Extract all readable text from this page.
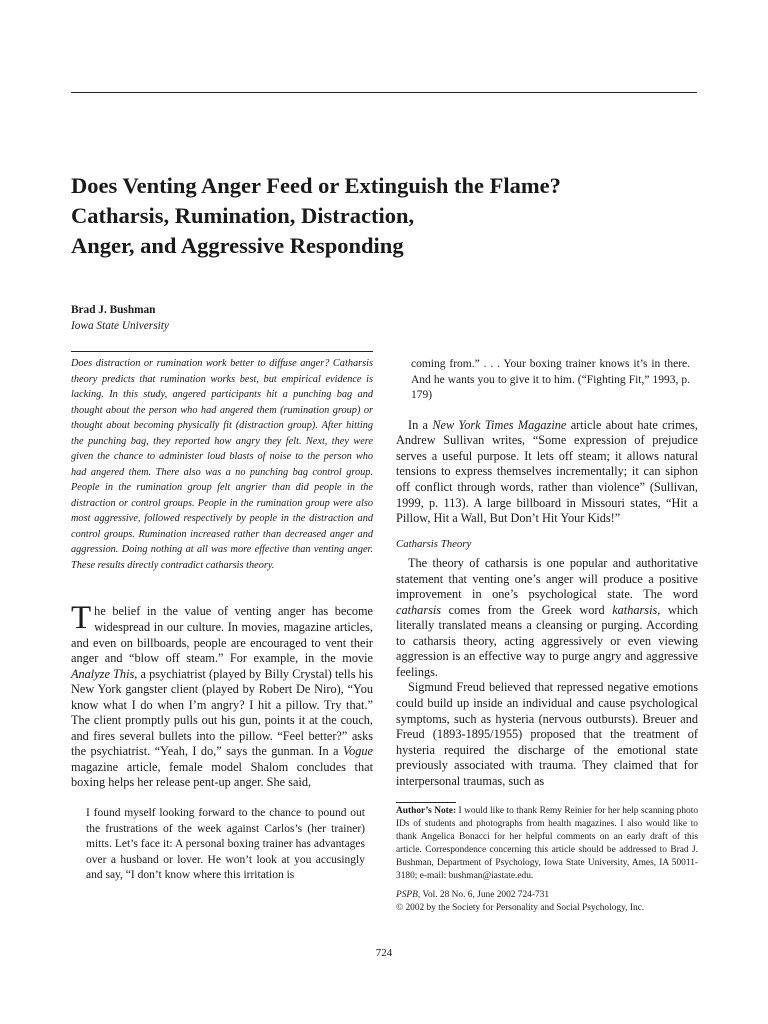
Does Venting Anger Feed or Extinguish the Flame?
Catharsis, Rumination, Distraction,
Anger, and Aggressive Responding
Brad J. Bushman
Iowa State University

Does distraction or rumination work better to diffuse anger? Catharsis theory predicts that rumination works best, but empirical evidence is lacking. In this study, angered participants hit a punching bag and thought about the person who had angered them (rumination group) or thought about becoming physically fit (distraction group). After hitting the punching bag, they reported how angry they felt. Next, they were given the chance to administer loud blasts of noise to the person who had angered them. There also was a no punching bag control group. People in the rumination group felt angrier than did people in the distraction or control groups. People in the rumination group were also most aggressive, followed respectively by people in the distraction and control groups. Rumination increased rather than decreased anger and aggression. Doing nothing at all was more effective than venting anger. These results directly contradict catharsis theory.

The belief in the value of venting anger has become widespread in our culture. In movies, magazine articles, and even on billboards, people are encouraged to vent their anger and “blow off steam.” For example, in the movie Analyze This, a psychiatrist (played by Billy Crystal) tells his New York gangster client (played by Robert De Niro), “You know what I do when I’m angry? I hit a pillow. Try that.” The client promptly pulls out his gun, points it at the couch, and fires several bullets into the pillow. “Feel better?” asks the psychiatrist. “Yeah, I do,” says the gunman. In a Vogue magazine article, female model Shalom concludes that boxing helps her release pent-up anger. She said,

I found myself looking forward to the chance to pound out the frustrations of the week against Carlos’s (her trainer) mitts. Let’s face it: A personal boxing trainer has advantages over a husband or lover. He won’t look at you accusingly and say, “I don’t know where this irritation is

coming from.” . . . Your boxing trainer knows it’s in there. And he wants you to give it to him. (“Fighting Fit,” 1993, p. 179)

In a New York Times Magazine article about hate crimes, Andrew Sullivan writes, “Some expression of prejudice serves a useful purpose. It lets off steam; it allows natural tensions to express themselves incrementally; it can siphon off conflict through words, rather than violence” (Sullivan, 1999, p. 113). A large billboard in Missouri states, “Hit a Pillow, Hit a Wall, But Don’t Hit Your Kids!”

Catharsis Theory

The theory of catharsis is one popular and authoritative statement that venting one’s anger will produce a positive improvement in one’s psychological state. The word catharsis comes from the Greek word katharsis, which literally translated means a cleansing or purging. According to catharsis theory, acting aggressively or even viewing aggression is an effective way to purge angry and aggressive feelings.

Sigmund Freud believed that repressed negative emotions could build up inside an individual and cause psychological symptoms, such as hysteria (nervous outbursts). Breuer and Freud (1893-1895/1955) proposed that the treatment of hysteria required the discharge of the emotional state previously associated with trauma. They claimed that for interpersonal traumas, such as

Author’s Note: I would like to thank Remy Reinier for her help scanning photo IDs of students and photographs from health magazines. I also would like to thank Angelica Bonacci for her helpful comments on an early draft of this article. Correspondence concerning this article should be addressed to Brad J. Bushman, Department of Psychology, Iowa State University, Ames, IA 50011-3180; e-mail: bushman@iastate.edu.

PSPB, Vol. 28 No. 6, June 2002 724-731

© 2002 by the Society for Personality and Social Psychology, Inc.

724
